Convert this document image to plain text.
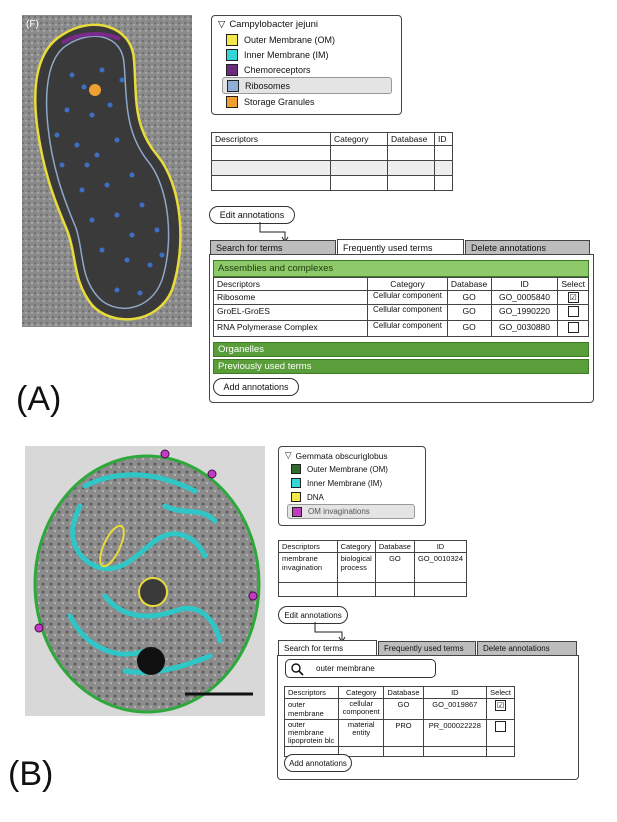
(F)	▽ Campylobacter jejuni
Outer Membrane (OM)
Inner Membrane (IM)
Chemoreceptors
Ribosomes
Storage Granules
Descriptors	Category	Database	ID

Edit annotations
Search for terms	Frequently used terms	Delete annotations
Assemblies and complexes
Descriptors	Category	Database	ID	Select
Ribosome	Cellular component	GO	GO_0005840	☑
GroEL-GroES	Cellular component	GO	GO_1990220	
RNA Polymerase Complex	Cellular component	GO	GO_0030880	
Organelles
Previously used terms
Add annotations
(A)
▽ Gemmata obscuriglobus
Outer Membrane (OM)
Inner Membrane (IM)
DNA
OM invaginations
Descriptors	Category	Database	ID
membrane invagination	biological process	GO	GO_0010324

Edit annotations
Search for terms	Frequently used terms	Delete annotations
outer membrane
Descriptors	Category	Database	ID	Select
outer membrane	cellular component	GO	GO_0019867	☑
outer membrane lipoprotein blc	material entity	PRO	PR_000022228	

Add annotations
(B)
